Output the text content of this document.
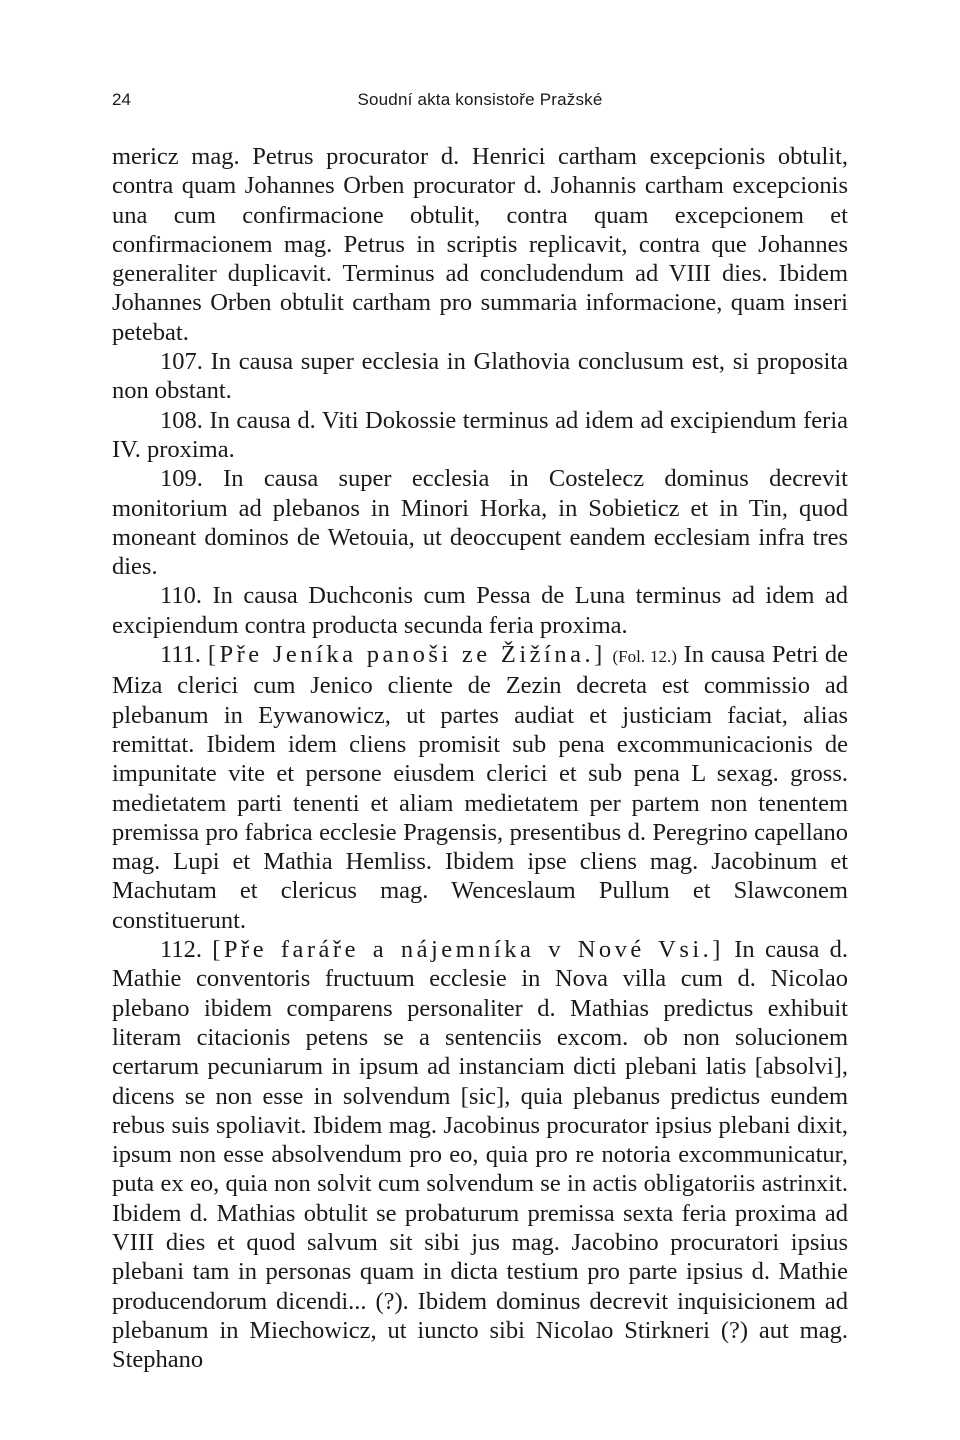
24	Soudní akta konsistoře Pražské

mericz mag. Petrus procurator d. Henrici cartham excepcionis obtulit, contra quam Johannes Orben procurator d. Johannis cartham excepcionis una cum confirmacione obtulit, contra quam excepcionem et confirmacionem mag. Petrus in scriptis replicavit, contra que Johannes generaliter duplicavit. Terminus ad concludendum ad VIII dies. Ibidem Johannes Orben obtulit cartham pro summaria informacione, quam inseri petebat.

107. In causa super ecclesia in Glathovia conclusum est, si proposita non obstant.

108. In causa d. Viti Dokossie terminus ad idem ad excipiendum feria IV. proxima.

109. In causa super ecclesia in Costelecz dominus decrevit monitorium ad plebanos in Minori Horka, in Sobieticz et in Tin, quod moneant dominos de Wetouia, ut deoccupent eandem ecclesiam infra tres dies.

110. In causa Duchconis cum Pessa de Luna terminus ad idem ad excipiendum contra producta secunda feria proxima.

111. [Pře Jeníka panoši ze Žižína.] (Fol. 12.) In causa Petri de Miza clerici cum Jenico cliente de Zezin decreta est commissio ad plebanum in Eywanowicz, ut partes audiat et justiciam faciat, alias remittat. Ibidem idem cliens promisit sub pena excommunicacionis de impunitate vite et persone eiusdem clerici et sub pena L sexag. gross. medietatem parti tenenti et aliam medietatem per partem non tenentem premissa pro fabrica ecclesie Pragensis, presentibus d. Peregrino capellano mag. Lupi et Mathia Hemliss. Ibidem ipse cliens mag. Jacobinum et Machutam et clericus mag. Wenceslaum Pullum et Slawconem constituerunt.

112. [Pře faráře a nájemníka v Nové Vsi.] In causa d. Mathie conventoris fructuum ecclesie in Nova villa cum d. Nicolao plebano ibidem comparens personaliter d. Mathias predictus exhibuit literam citacionis petens se a sentenciis excom. ob non solucionem certarum pecuniarum in ipsum ad instanciam dicti plebani latis [absolvi], dicens se non esse in solvendum [sic], quia plebanus predictus eundem rebus suis spoliavit. Ibidem mag. Jacobinus procurator ipsius plebani dixit, ipsum non esse absolvendum pro eo, quia pro re notoria excommunicatur, puta ex eo, quia non solvit cum solvendum se in actis obligatoriis astrinxit. Ibidem d. Mathias obtulit se probaturum premissa sexta feria proxima ad VIII dies et quod salvum sit sibi jus mag. Jacobino procuratori ipsius plebani tam in personas quam in dicta testium pro parte ipsius d. Mathie producendorum dicendi... (?). Ibidem dominus decrevit inquisicionem ad plebanum in Miechowicz, ut iuncto sibi Nicolao Stirkneri (?) aut mag. Stephano
